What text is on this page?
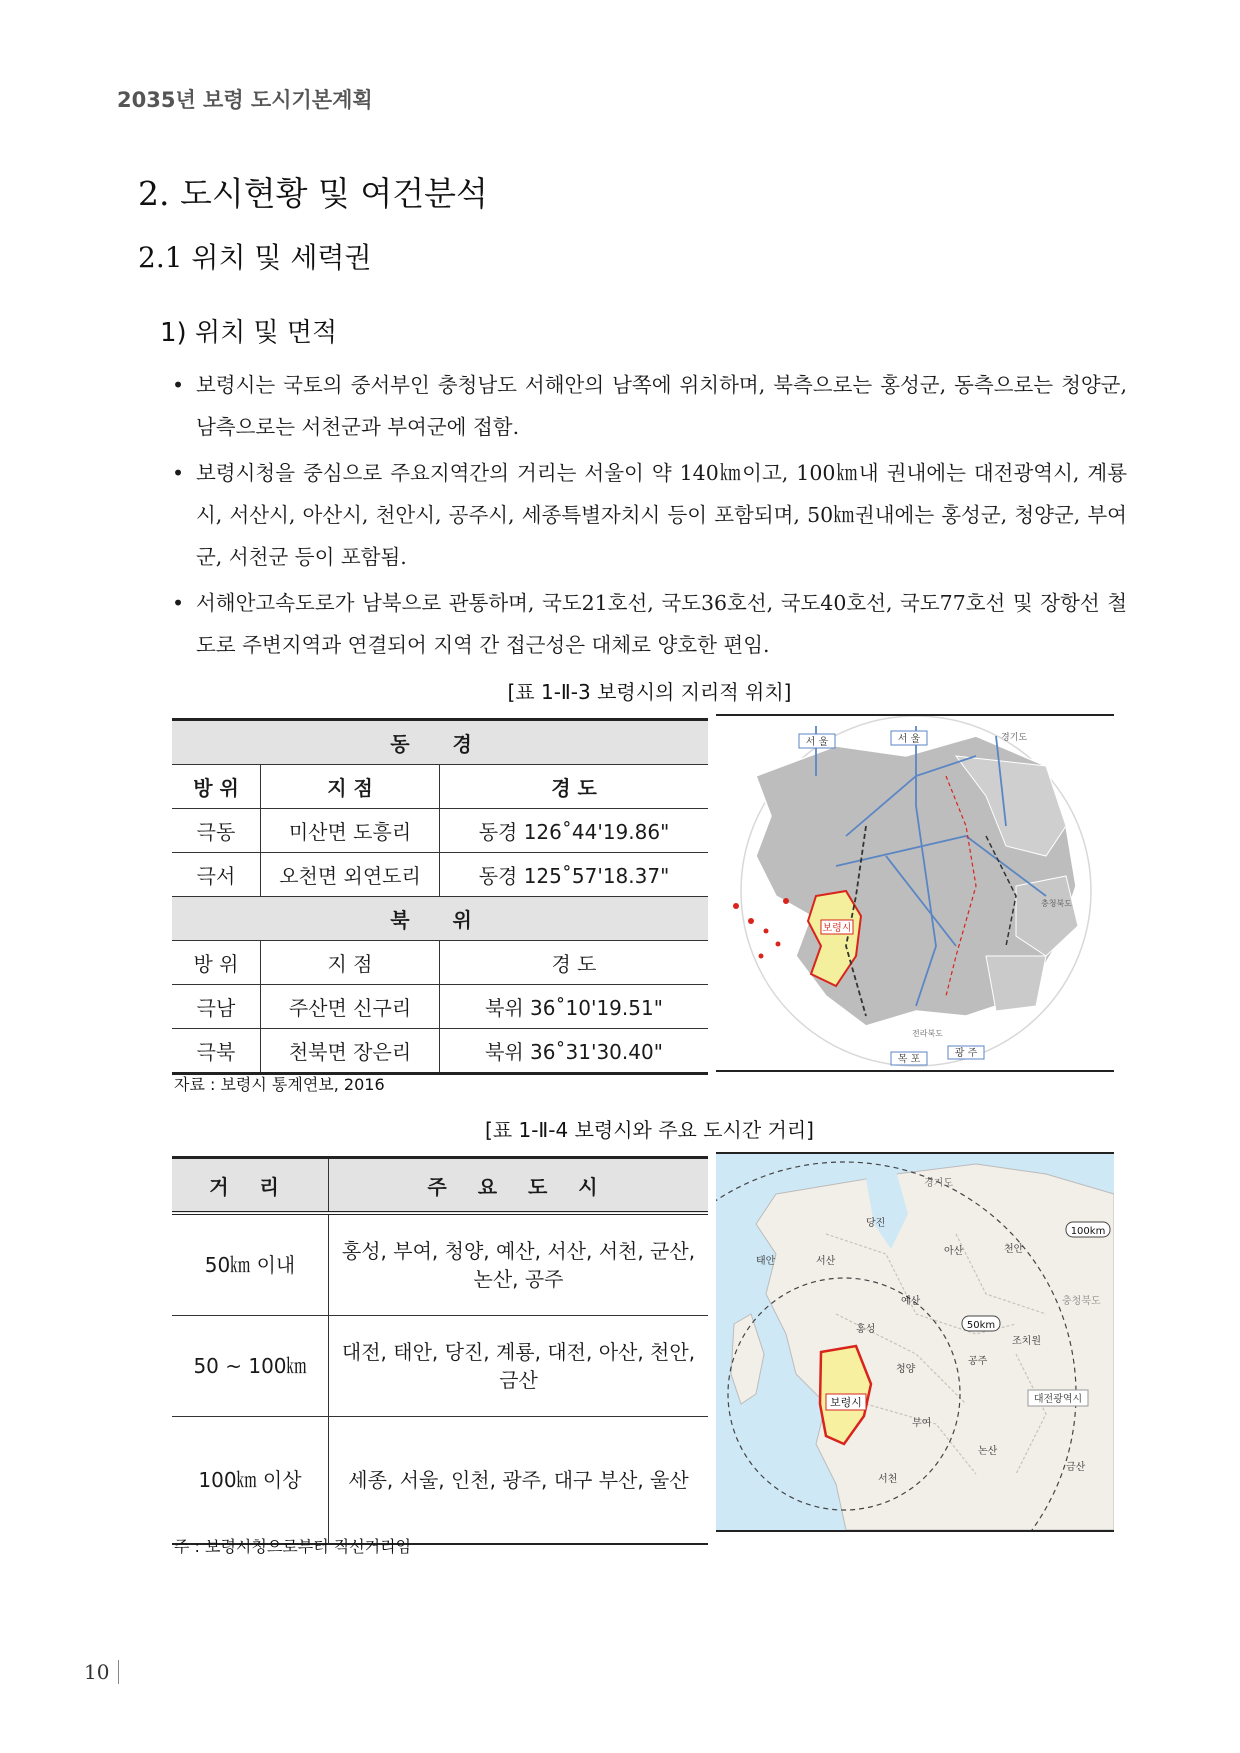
2035년 보령 도시기본계획
2. 도시현황 및 여건분석
2.1 위치 및 세력권
1) 위치 및 면적
• 보령시는 국토의 중서부인 충청남도 서해안의 남쪽에 위치하며, 북측으로는 홍성군, 동측으로는 청양군, 남측으로는 서천군과 부여군에 접함.
• 보령시청을 중심으로 주요지역간의 거리는 서울이 약 140㎞이고, 100㎞내 권내에는 대전광역시, 계룡시, 서산시, 아산시, 천안시, 공주시, 세종특별자치시 등이 포함되며, 50㎞권내에는 홍성군, 청양군, 부여군, 서천군 등이 포함됨.
• 서해안고속도로가 남북으로 관통하며, 국도21호선, 국도36호선, 국도40호선, 국도77호선 및 장항선 철도로 주변지역과 연결되어 지역 간 접근성은 대체로 양호한 편임.
[표 1-Ⅱ-3 보령시의 지리적 위치]
동 경		
방 위	지 점	경 도
극동	미산면 도흥리	동경 126˚44'19.86"
극서	오천면 외연도리	동경 125˚57'18.37"
북 위		
방 위	지 점	경 도
극남	주산면 신구리	북위 36˚10'19.51"
극북	천북면 장은리	북위 36˚31'30.40"
자료 : 보령시 통계연보, 2016
서 울
서 울	경기도
충청북도
보령시
목 포
광 주
전라북도
[표 1-Ⅱ-4 보령시와 주요 도시간 거리]
거 리	주 요 도 시
50㎞ 이내	홍성, 부여, 청양, 예산, 서산, 서천, 군산, 논산, 공주
50 ~ 100㎞	대전, 태안, 당진, 계룡, 대전, 아산, 천안, 금산
100㎞ 이상	세종, 서울, 인천, 광주, 대구 부산, 울산
주 : 보령시청으로부터 직선거리임
경기도
당진
태안	서산
아산	천안
예산
홍성
청양
공주
조치원
보령시
부여
논산
대전광역시
서천
금산
충청북도
100km
50km
10
